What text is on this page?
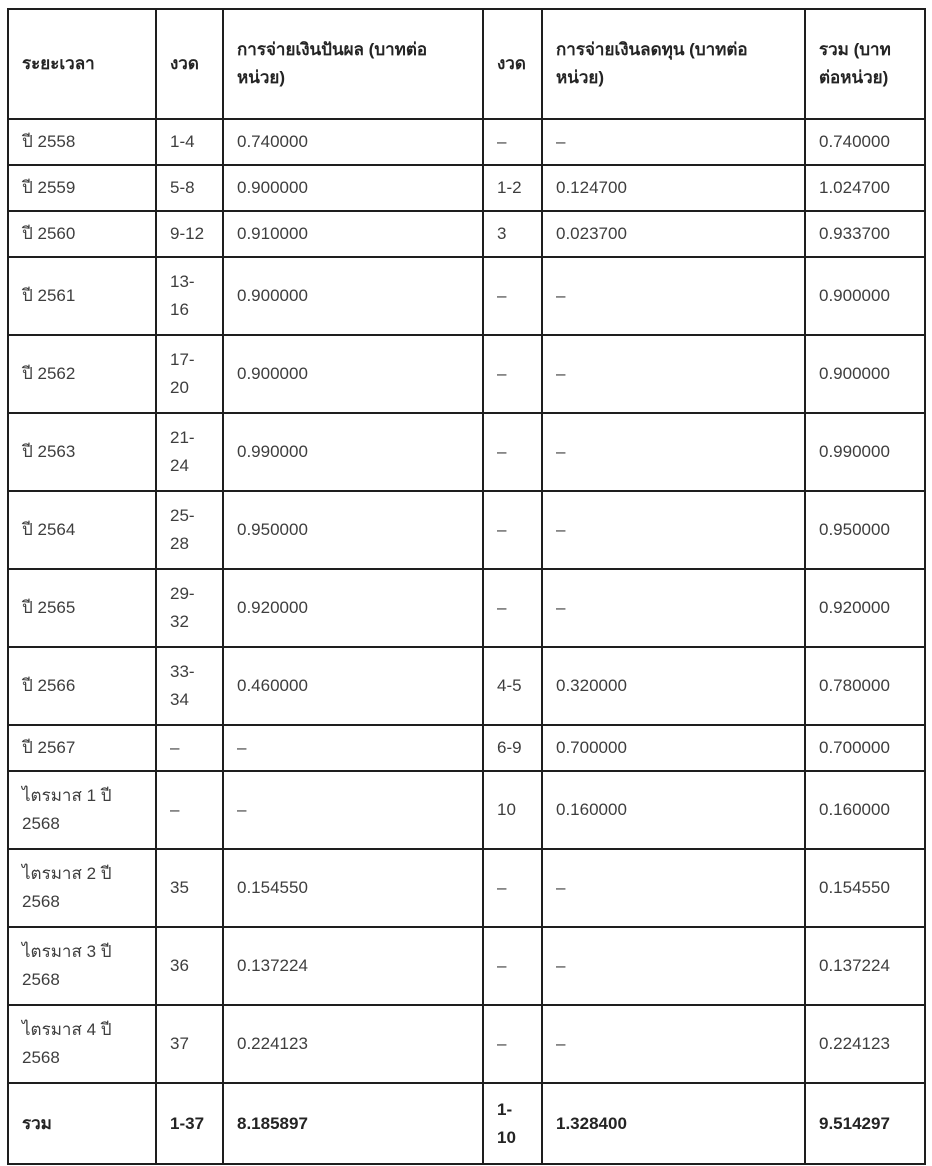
ระยะเวลา	งวด	การจ่ายเงินปันผล (บาทต่อหน่วย)	งวด	การจ่ายเงินลดทุน (บาทต่อหน่วย)	รวม (บาทต่อหน่วย)
ปี 2558	1-4	0.740000	–	–	0.740000
ปี 2559	5-8	0.900000	1-2	0.124700	1.024700
ปี 2560	9-12	0.910000	3	0.023700	0.933700
ปี 2561	13-16	0.900000	–	–	0.900000
ปี 2562	17-20	0.900000	–	–	0.900000
ปี 2563	21-24	0.990000	–	–	0.990000
ปี 2564	25-28	0.950000	–	–	0.950000
ปี 2565	29-32	0.920000	–	–	0.920000
ปี 2566	33-34	0.460000	4-5	0.320000	0.780000
ปี 2567	–	–	6-9	0.700000	0.700000
ไตรมาส 1 ปี 2568	–	–	10	0.160000	0.160000
ไตรมาส 2 ปี 2568	35	0.154550	–	–	0.154550
ไตรมาส 3 ปี 2568	36	0.137224	–	–	0.137224
ไตรมาส 4 ปี 2568	37	0.224123	–	–	0.224123
รวม	1-37	8.185897	1-10	1.328400	9.514297
